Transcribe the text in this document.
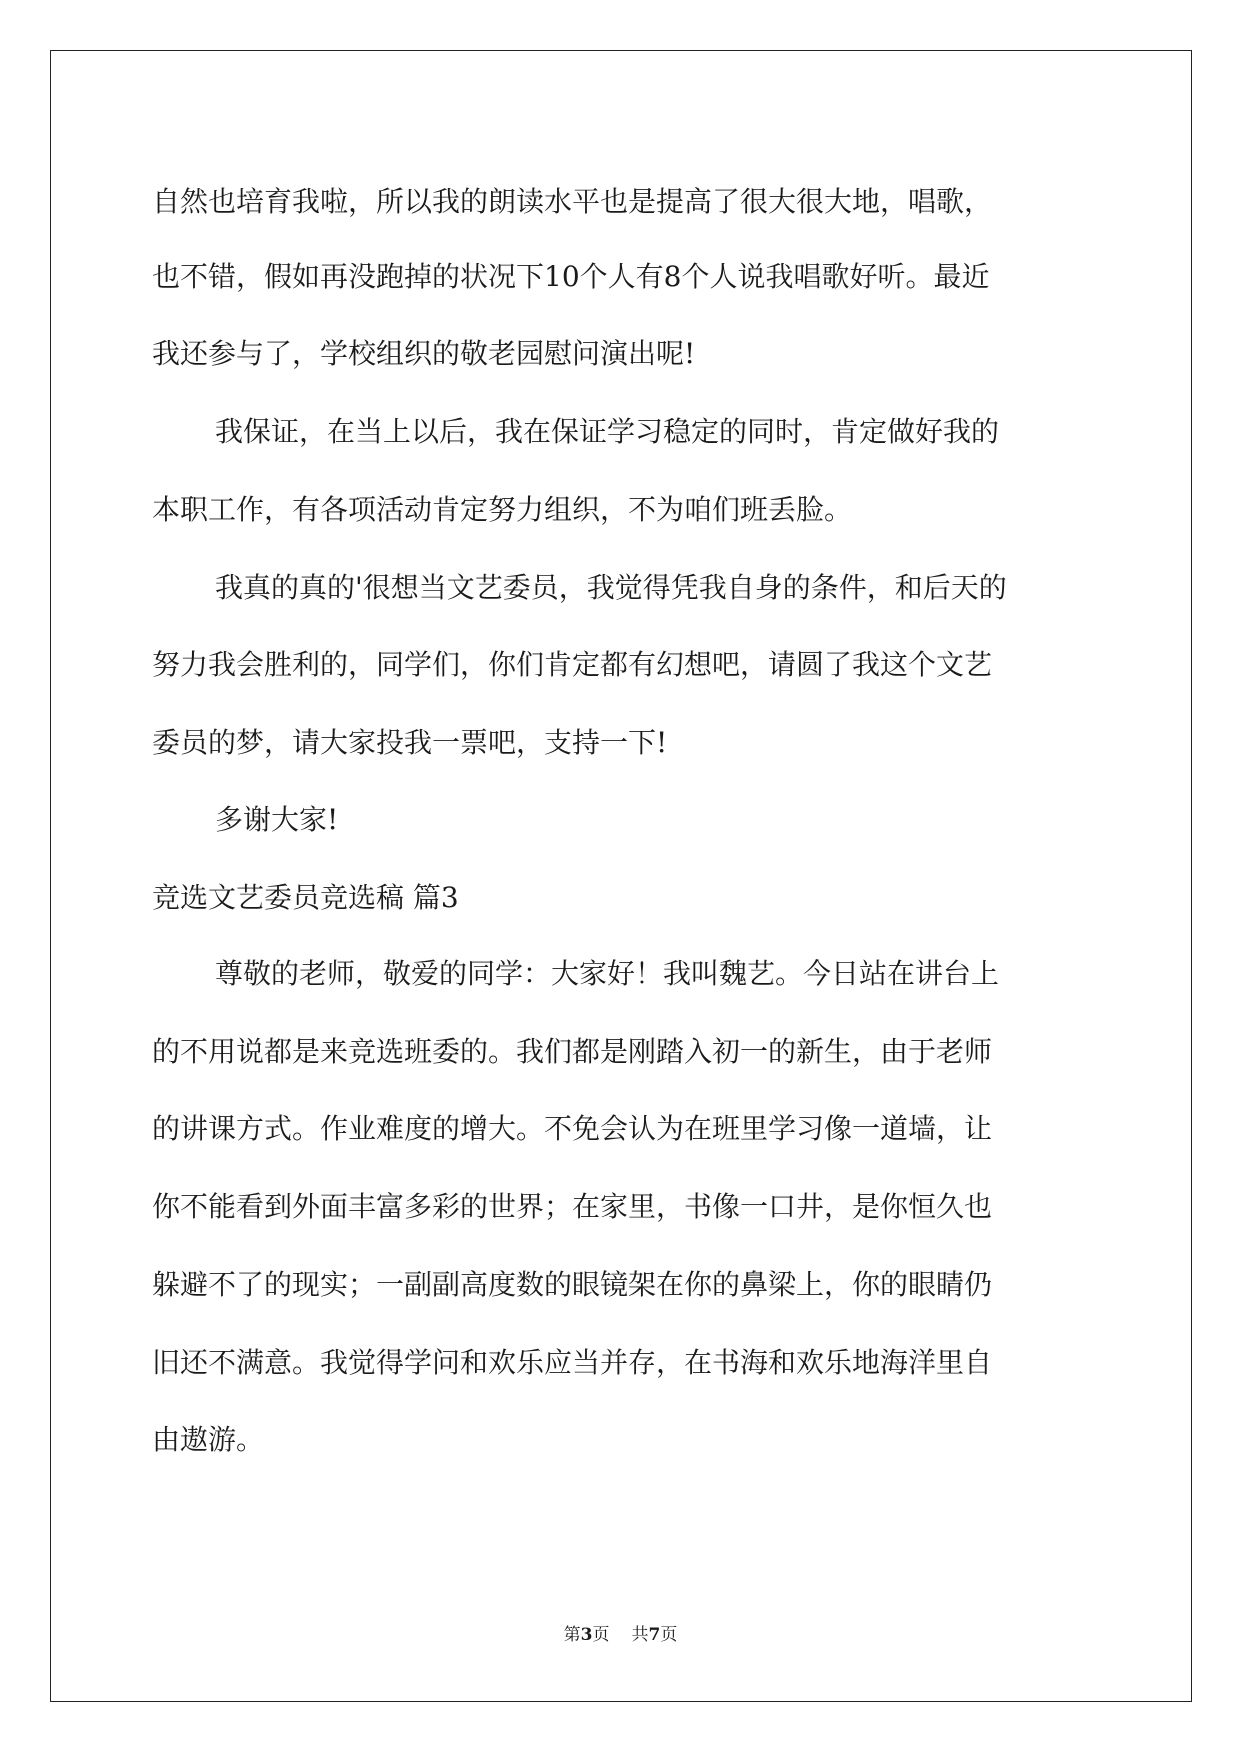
自然也培育我啦，所以我的朗读水平也是提高了很大很大地，唱歌，
也不错，假如再没跑掉的状况下10个人有8个人说我唱歌好听。最近
我还参与了，学校组织的敬老园慰问演出呢!
我保证，在当上以后，我在保证学习稳定的同时，肯定做好我的
本职工作，有各项活动肯定努力组织，不为咱们班丢脸。
我真的真的'很想当文艺委员，我觉得凭我自身的条件，和后天的
努力我会胜利的，同学们，你们肯定都有幻想吧，请圆了我这个文艺
委员的梦，请大家投我一票吧，支持一下!
多谢大家!
竞选文艺委员竞选稿 篇3
尊敬的老师，敬爱的同学：大家好！我叫魏艺。今日站在讲台上
的不用说都是来竞选班委的。我们都是刚踏入初一的新生，由于老师
的讲课方式。作业难度的增大。不免会认为在班里学习像一道墙，让
你不能看到外面丰富多彩的世界；在家里，书像一口井，是你恒久也
躲避不了的现实；一副副高度数的眼镜架在你的鼻梁上，你的眼睛仍
旧还不满意。我觉得学问和欢乐应当并存，在书海和欢乐地海洋里自
由遨游。
第3页 共7页
